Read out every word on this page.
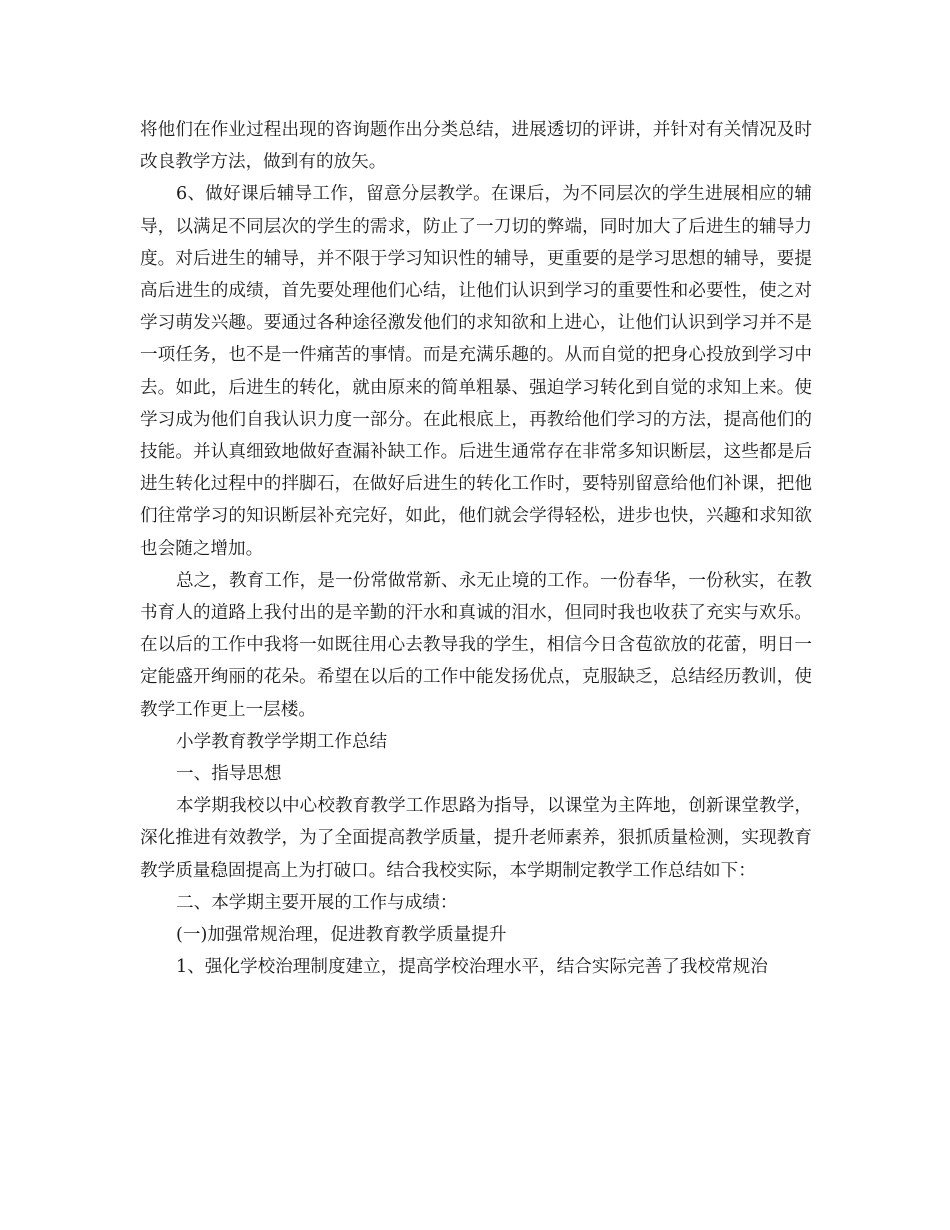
将他们在作业过程出现的咨询题作出分类总结，进展透切的评讲，并针对有关情况及时改良教学方法，做到有的放矢。

6、做好课后辅导工作，留意分层教学。在课后，为不同层次的学生进展相应的辅导，以满足不同层次的学生的需求，防止了一刀切的弊端，同时加大了后进生的辅导力度。对后进生的辅导，并不限于学习知识性的辅导，更重要的是学习思想的辅导，要提高后进生的成绩，首先要处理他们心结，让他们认识到学习的重要性和必要性，使之对学习萌发兴趣。要通过各种途径激发他们的求知欲和上进心，让他们认识到学习并不是一项任务，也不是一件痛苦的事情。而是充满乐趣的。从而自觉的把身心投放到学习中去。如此，后进生的转化，就由原来的简单粗暴、强迫学习转化到自觉的求知上来。使学习成为他们自我认识力度一部分。在此根底上，再教给他们学习的方法，提高他们的技能。并认真细致地做好查漏补缺工作。后进生通常存在非常多知识断层，这些都是后进生转化过程中的拌脚石，在做好后进生的转化工作时，要特别留意给他们补课，把他们往常学习的知识断层补充完好，如此，他们就会学得轻松，进步也快，兴趣和求知欲也会随之增加。

总之，教育工作，是一份常做常新、永无止境的工作。一份春华，一份秋实，在教书育人的道路上我付出的是辛勤的汗水和真诚的泪水，但同时我也收获了充实与欢乐。在以后的工作中我将一如既往用心去教导我的学生，相信今日含苞欲放的花蕾，明日一定能盛开绚丽的花朵。希望在以后的工作中能发扬优点，克服缺乏，总结经历教训，使教学工作更上一层楼。

小学教育教学学期工作总结

一、指导思想

本学期我校以中心校教育教学工作思路为指导，以课堂为主阵地，创新课堂教学，深化推进有效教学，为了全面提高教学质量，提升老师素养，狠抓质量检测，实现教育教学质量稳固提高上为打破口。结合我校实际，本学期制定教学工作总结如下：

二、本学期主要开展的工作与成绩：

(一)加强常规治理，促进教育教学质量提升

1、强化学校治理制度建立，提高学校治理水平，结合实际完善了我校常规治
